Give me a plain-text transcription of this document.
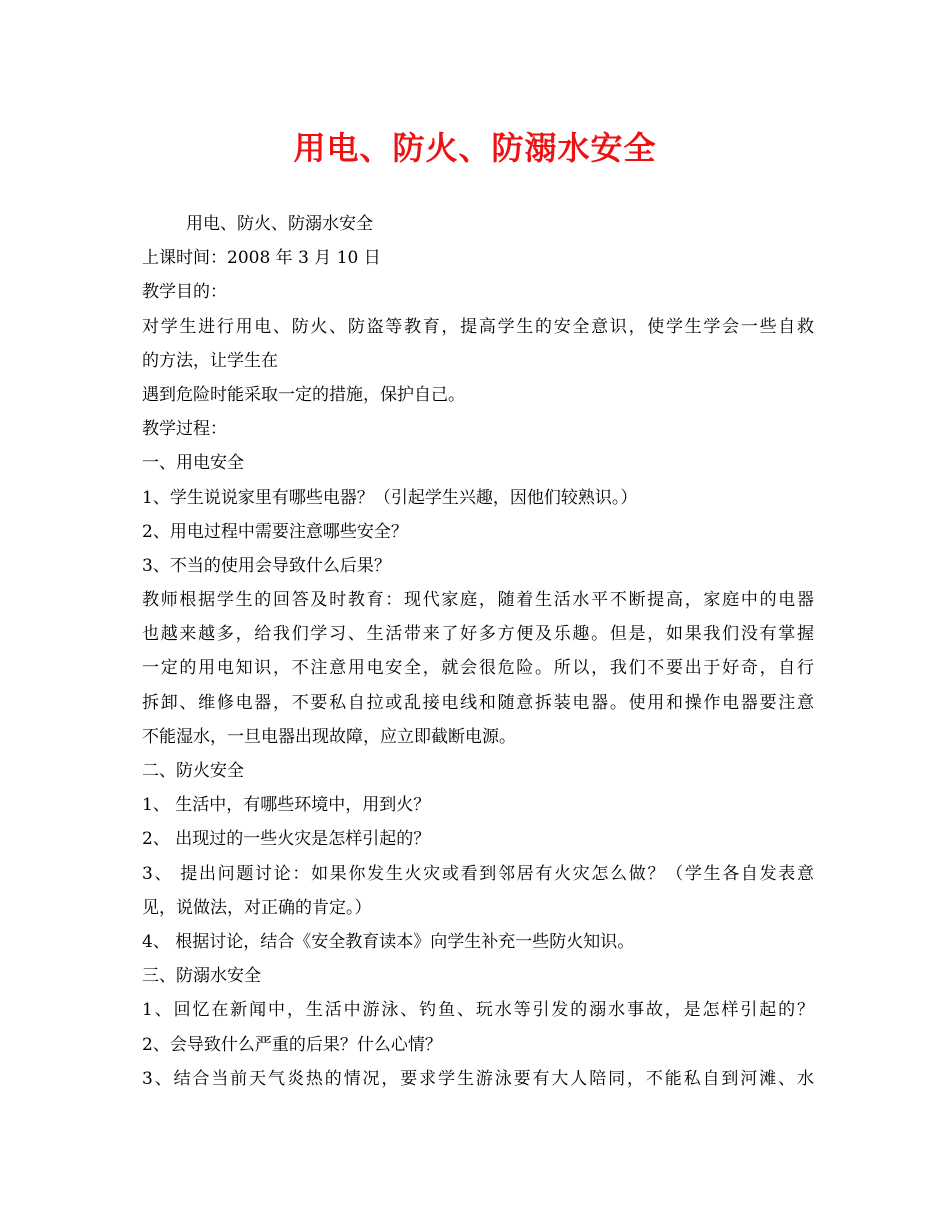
用电、防火、防溺水安全
用电、防火、防溺水安全
上课时间：2008 年 3 月 10 日
教学目的：
对学生进行用电、防火、防盗等教育，提高学生的安全意识，使学生学会一些自救
的方法，让学生在
遇到危险时能采取一定的措施，保护自己。
教学过程：
一、用电安全
1、学生说说家里有哪些电器？（引起学生兴趣，因他们较熟识。）
2、用电过程中需要注意哪些安全？
3、不当的使用会导致什么后果？
教师根据学生的回答及时教育：现代家庭，随着生活水平不断提高，家庭中的电器
也越来越多，给我们学习、生活带来了好多方便及乐趣。但是，如果我们没有掌握
一定的用电知识，不注意用电安全，就会很危险。所以，我们不要出于好奇，自行
拆卸、维修电器，不要私自拉或乱接电线和随意拆装电器。使用和操作电器要注意
不能湿水，一旦电器出现故障，应立即截断电源。
二、防火安全
1、 生活中，有哪些环境中，用到火？
2、 出现过的一些火灾是怎样引起的？
3、 提出问题讨论：如果你发生火灾或看到邻居有火灾怎么做？（学生各自发表意
见，说做法，对正确的肯定。）
4、 根据讨论，结合《安全教育读本》向学生补充一些防火知识。
三、防溺水安全
1、回忆在新闻中，生活中游泳、钓鱼、玩水等引发的溺水事故，是怎样引起的？
2、会导致什么严重的后果？什么心情？
3、结合当前天气炎热的情况，要求学生游泳要有大人陪同，不能私自到河滩、水
